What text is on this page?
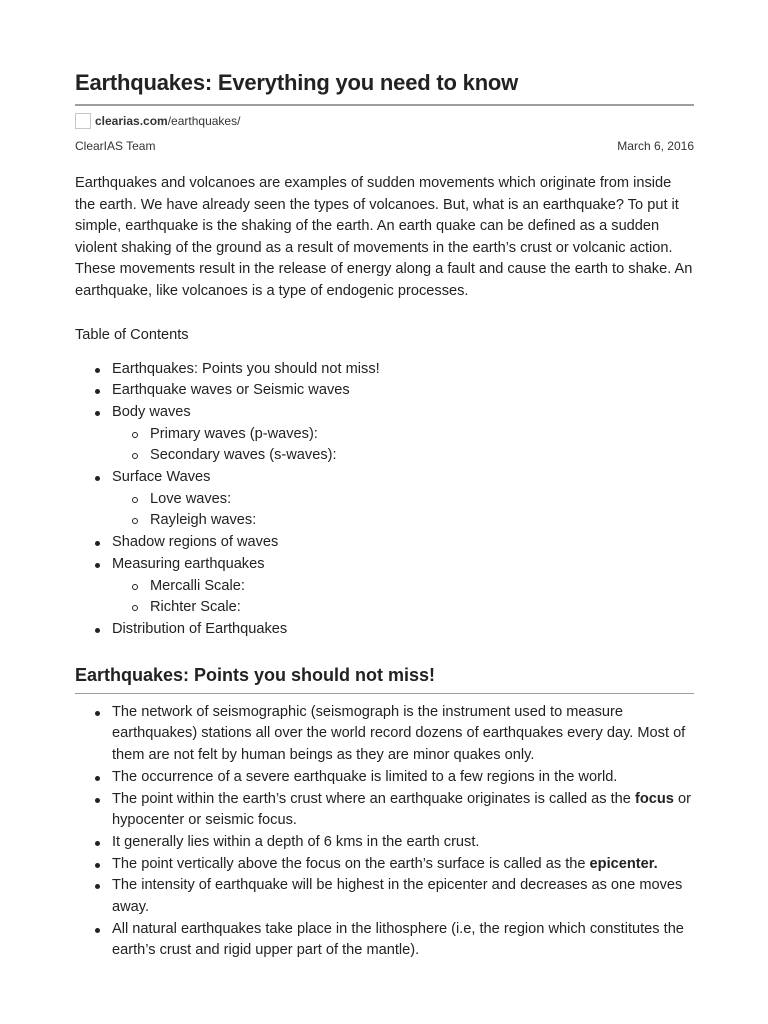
Earthquakes: Everything you need to know
clearias.com /earthquakes/
ClearIAS Team	March 6, 2016

Earthquakes and volcanoes are examples of sudden movements which originate from inside the earth. We have already seen the types of volcanoes. But, what is an earthquake? To put it simple, earthquake is the shaking of the earth. An earth quake can be defined as a sudden violent shaking of the ground as a result of movements in the earth’s crust or volcanic action. These movements result in the release of energy along a fault and cause the earth to shake. An earthquake, like volcanoes is a type of endogenic processes.

Table of Contents

Earthquakes: Points you should not miss!
Earthquake waves or Seismic waves
Body waves
Primary waves (p-waves):
Secondary waves (s-waves):
Surface Waves
Love waves:
Rayleigh waves:
Shadow regions of waves
Measuring earthquakes
Mercalli Scale:
Richter Scale:
Distribution of Earthquakes
Earthquakes: Points you should not miss!
The network of seismographic (seismograph is the instrument used to measure earthquakes) stations all over the world record dozens of earthquakes every day. Most of them are not felt by human beings as they are minor quakes only.
The occurrence of a severe earthquake is limited to a few regions in the world.
The point within the earth’s crust where an earthquake originates is called as the focus or hypocenter or seismic focus.
It generally lies within a depth of 6 kms in the earth crust.
The point vertically above the focus on the earth’s surface is called as the epicenter.
The intensity of earthquake will be highest in the epicenter and decreases as one moves away.
All natural earthquakes take place in the lithosphere (i.e, the region which constitutes the earth’s crust and rigid upper part of the mantle).
